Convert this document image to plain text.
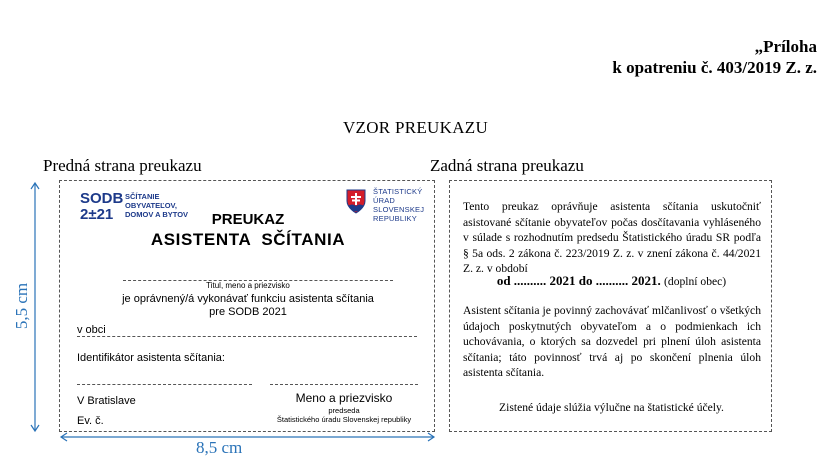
„Príloha
k opatreniu č. 403/2019 Z. z.
VZOR PREUKAZU
Predná strana preukazu	Zadná strana preukazu
5,5 cm
8,5 cm
SODB
2±21
SČÍTANIE
OBYVATEĽOV,
DOMOV A BYTOV
ŠTATISTICKÝ
ÚRAD
SLOVENSKEJ
REPUBLIKY
PREUKAZ
ASISTENTA  SČÍTANIA
Titul, meno a priezvisko
je oprávnený/á vykonávať funkciu asistenta sčítania
pre SODB 2021
v obci
Identifikátor asistenta sčítania:
V Bratislave	Meno a priezvisko
predseda
Štatistického úradu Slovenskej republiky
Ev. č.
Tento preukaz oprávňuje asistenta sčítania uskutočniť asistované sčítanie obyvateľov počas dosčítavania vyhláseného v súlade s rozhodnutím predsedu Štatistického úradu SR podľa § 5a ods. 2 zákona č. 223/2019 Z. z. v znení zákona č. 44/2021 Z. z. v období
od .......... 2021 do .......... 2021. (doplní obec)
Asistent sčítania je povinný zachovávať mlčanlivosť o všetkých údajoch poskytnutých obyvateľom a o podmienkach ich uchovávania, o ktorých sa dozvedel pri plnení úloh asistenta sčítania; táto povinnosť trvá aj po skončení plnenia úloh asistenta sčítania.
Zistené údaje slúžia výlučne na štatistické účely.
